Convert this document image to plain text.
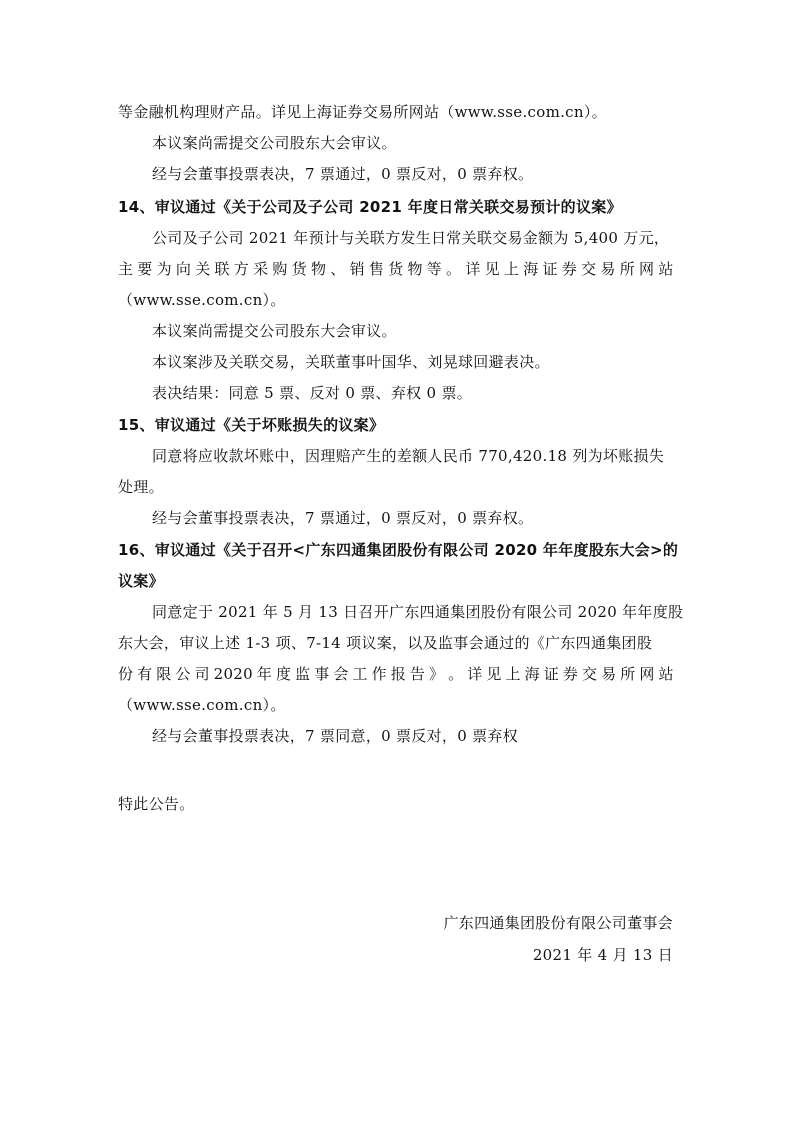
等金融机构理财产品。详见上海证券交易所网站（www.sse.com.cn）。
本议案尚需提交公司股东大会审议。
经与会董事投票表决，7 票通过，0 票反对，0 票弃权。
14、审议通过《关于公司及子公司 2021 年度日常关联交易预计的议案》
公司及子公司 2021 年预计与关联方发生日常关联交易金额为 5,400 万元，
主 要 为 向 关 联 方 采 购 货 物 、 销 售 货 物 等 。 详 见 上 海 证 券 交 易 所 网 站
（www.sse.com.cn）。
本议案尚需提交公司股东大会审议。
本议案涉及关联交易，关联董事叶国华、刘晃球回避表决。
表决结果：同意 5 票、反对 0 票、弃权 0 票。
15、审议通过《关于坏账损失的议案》
同意将应收款坏账中，因理赔产生的差额人民币 770,420.18 列为坏账损失
处理。
经与会董事投票表决，7 票通过，0 票反对，0 票弃权。
16、审议通过《关于召开<广东四通集团股份有限公司 2020 年年度股东大会>的
议案》
同意定于 2021 年 5 月 13 日召开广东四通集团股份有限公司 2020 年年度股
东大会，审议上述 1-3 项、7-14 项议案，以及监事会通过的《广东四通集团股
份 有 限 公 司 2020 年 度 监 事 会 工 作 报 告 》 。 详 见 上 海 证 券 交 易 所 网 站
（www.sse.com.cn）。
经与会董事投票表决，7 票同意，0 票反对，0 票弃权
特此公告。
广东四通集团股份有限公司董事会
2021 年 4 月 13 日
